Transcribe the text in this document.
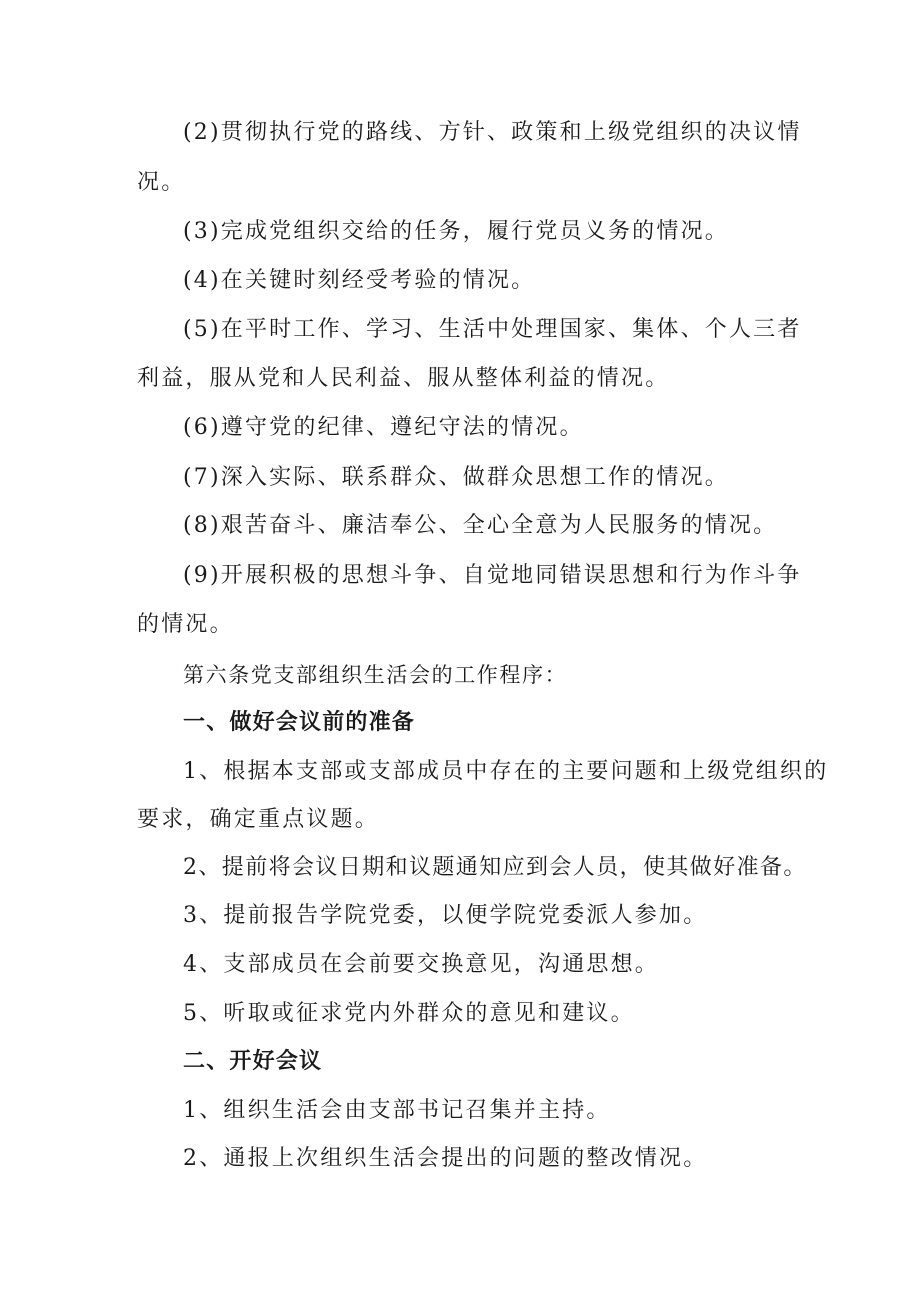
(2)贯彻执行党的路线、方针、政策和上级党组织的决议情
况。
(3)完成党组织交给的任务，履行党员义务的情况。
(4)在关键时刻经受考验的情况。
(5)在平时工作、学习、生活中处理国家、集体、个人三者
利益，服从党和人民利益、服从整体利益的情况。
(6)遵守党的纪律、遵纪守法的情况。
(7)深入实际、联系群众、做群众思想工作的情况。
(8)艰苦奋斗、廉洁奉公、全心全意为人民服务的情况。
(9)开展积极的思想斗争、自觉地同错误思想和行为作斗争
的情况。
第六条党支部组织生活会的工作程序：
一、做好会议前的准备
1、根据本支部或支部成员中存在的主要问题和上级党组织的
要求，确定重点议题。
2、提前将会议日期和议题通知应到会人员，使其做好准备。
3、提前报告学院党委，以便学院党委派人参加。
4、支部成员在会前要交换意见，沟通思想。
5、听取或征求党内外群众的意见和建议。
二、开好会议
1、组织生活会由支部书记召集并主持。
2、通报上次组织生活会提出的问题的整改情况。
